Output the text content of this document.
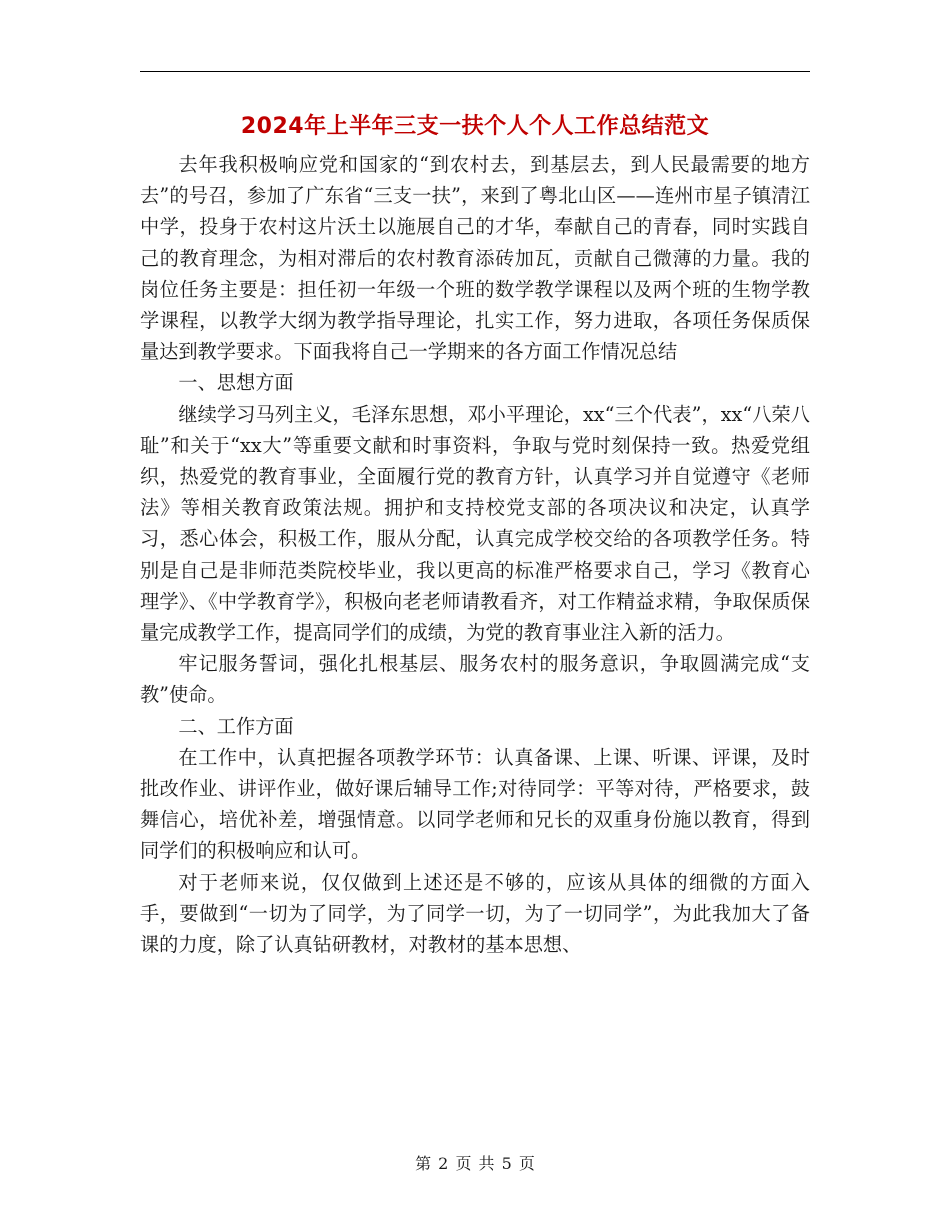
2024年上半年三支一扶个人个人工作总结范文

去年我积极响应党和国家的“到农村去，到基层去，到人民最需要的地方去”的号召，参加了广东省“三支一扶”，来到了粤北山区——连州市星子镇清江中学，投身于农村这片沃土以施展自己的才华，奉献自己的青春，同时实践自己的教育理念，为相对滞后的农村教育添砖加瓦，贡献自己微薄的力量。我的岗位任务主要是：担任初一年级一个班的数学教学课程以及两个班的生物学教学课程，以教学大纲为教学指导理论，扎实工作，努力进取，各项任务保质保量达到教学要求。下面我将自己一学期来的各方面工作情况总结

一、思想方面

继续学习马列主义，毛泽东思想，邓小平理论，xx“三个代表”，xx“八荣八耻”和关于“xx大”等重要文献和时事资料，争取与党时刻保持一致。热爱党组织，热爱党的教育事业，全面履行党的教育方针，认真学习并自觉遵守《老师法》等相关教育政策法规。拥护和支持校党支部的各项决议和决定，认真学习，悉心体会，积极工作，服从分配，认真完成学校交给的各项教学任务。特别是自己是非师范类院校毕业，我以更高的标准严格要求自己，学习《教育心理学》、《中学教育学》，积极向老老师请教看齐，对工作精益求精，争取保质保量完成教学工作，提高同学们的成绩，为党的教育事业注入新的活力。

牢记服务誓词，强化扎根基层、服务农村的服务意识，争取圆满完成“支教”使命。

二、工作方面

在工作中，认真把握各项教学环节：认真备课、上课、听课、评课，及时批改作业、讲评作业，做好课后辅导工作;对待同学：平等对待，严格要求，鼓舞信心，培优补差，增强情意。以同学老师和兄长的双重身份施以教育，得到同学们的积极响应和认可。

对于老师来说，仅仅做到上述还是不够的，应该从具体的细微的方面入手，要做到“一切为了同学，为了同学一切，为了一切同学”，为此我加大了备课的力度，除了认真钻研教材，对教材的基本思想、

第 2 页 共 5 页
